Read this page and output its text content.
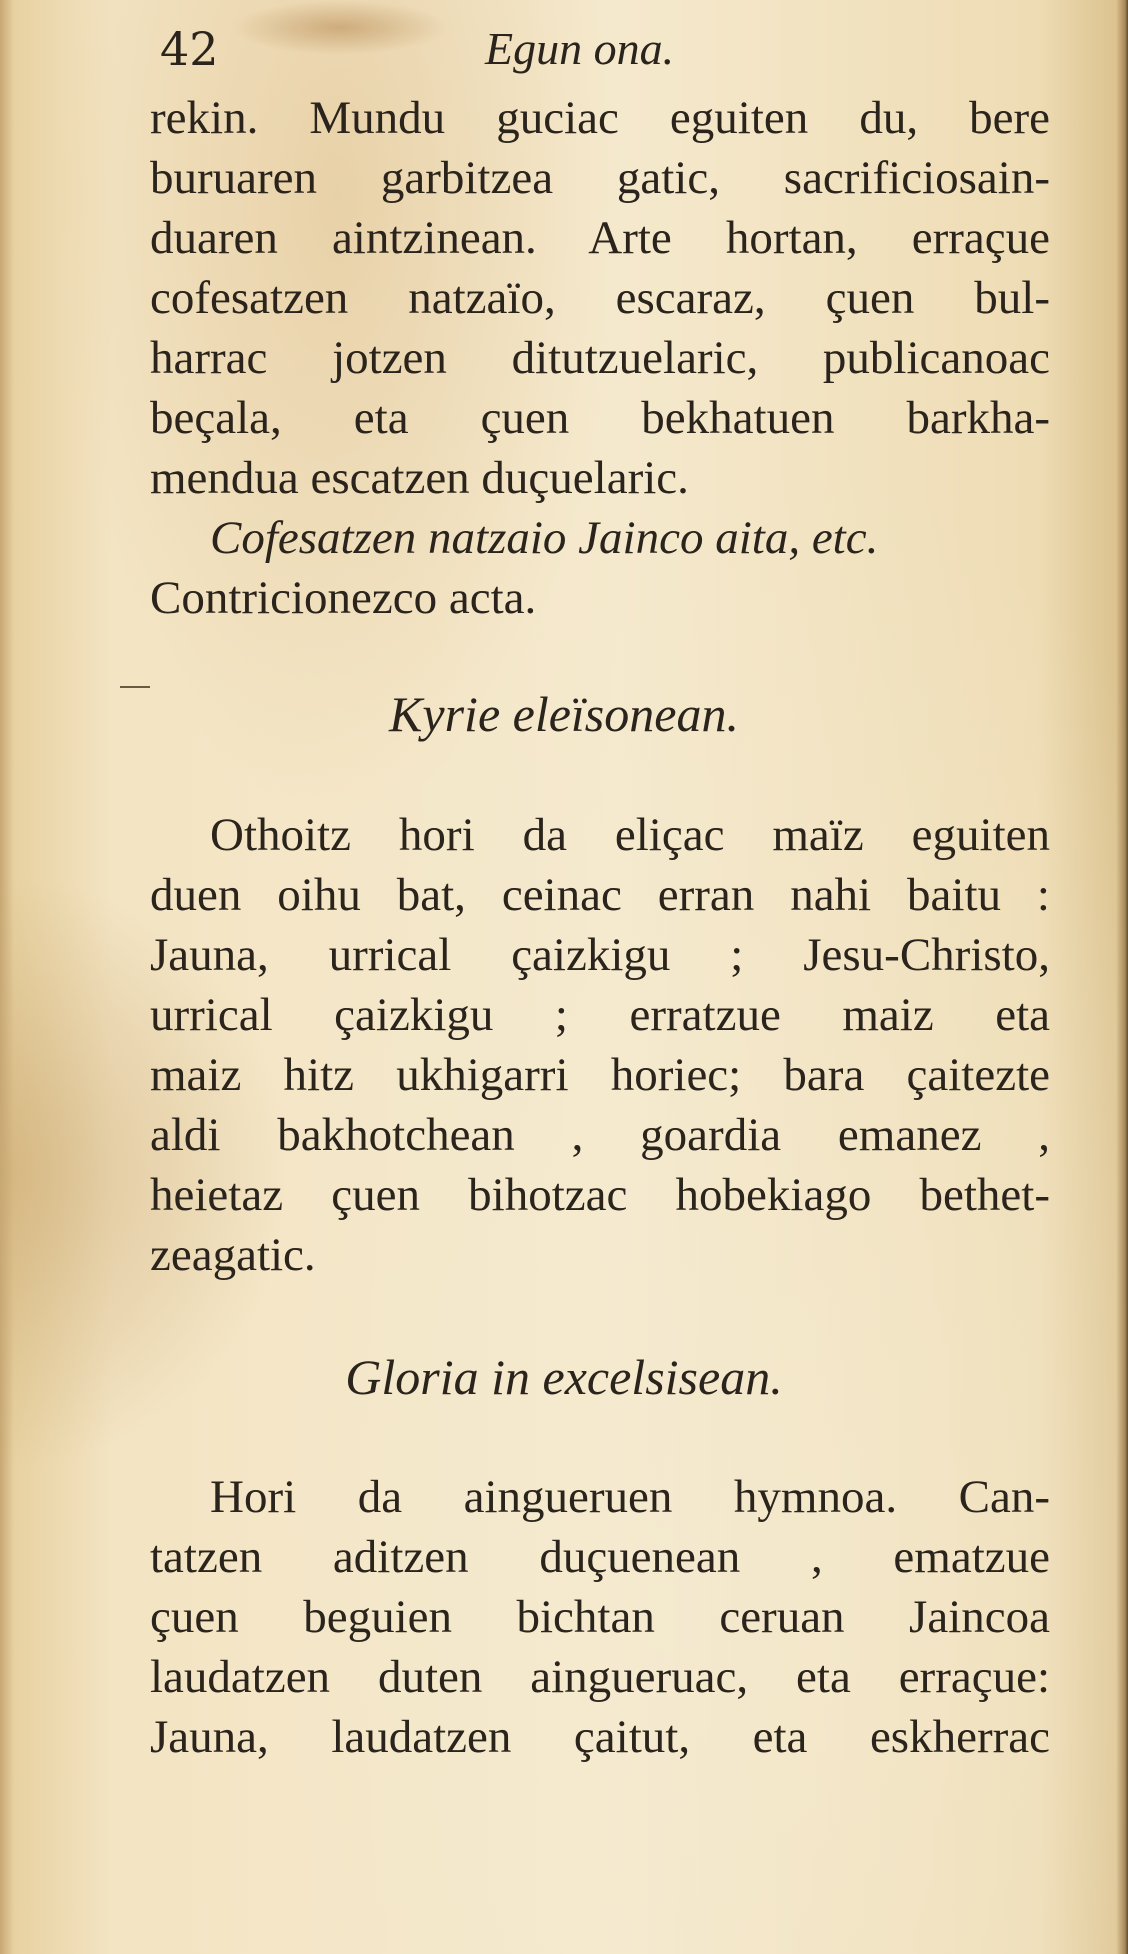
42	Egun ona.
rekin. Mundu guciac eguiten du, bere
buruaren garbitzea gatic, sacrificiosain-
duaren aintzinean. Arte hortan, erraçue
cofesatzen natzaïo, escaraz, çuen bul-
harrac jotzen ditutzuelaric, publicanoac
beçala, eta çuen bekhatuen barkha-
mendua escatzen duçuelaric.
Cofesatzen natzaio Jainco aita, etc.
Contricionezco acta.
Kyrie eleïsonean.
Othoitz hori da eliçac maïz eguiten
duen oihu bat, ceinac erran nahi baitu :
Jauna, urrical çaizkigu ; Jesu-Christo,
urrical çaizkigu ; erratzue maiz eta
maiz hitz ukhigarri horiec; bara çaitezte
aldi bakhotchean , goardia emanez ,
heietaz çuen bihotzac hobekiago bethet-
zeagatic.
Gloria in excelsisean.
Hori da aingueruen hymnoa. Can-
tatzen aditzen duçuenean , ematzue
çuen beguien bichtan ceruan Jaincoa
laudatzen duten ainguеruac, eta erraçue:
Jauna, laudatzen çaitut, eta eskherrac
